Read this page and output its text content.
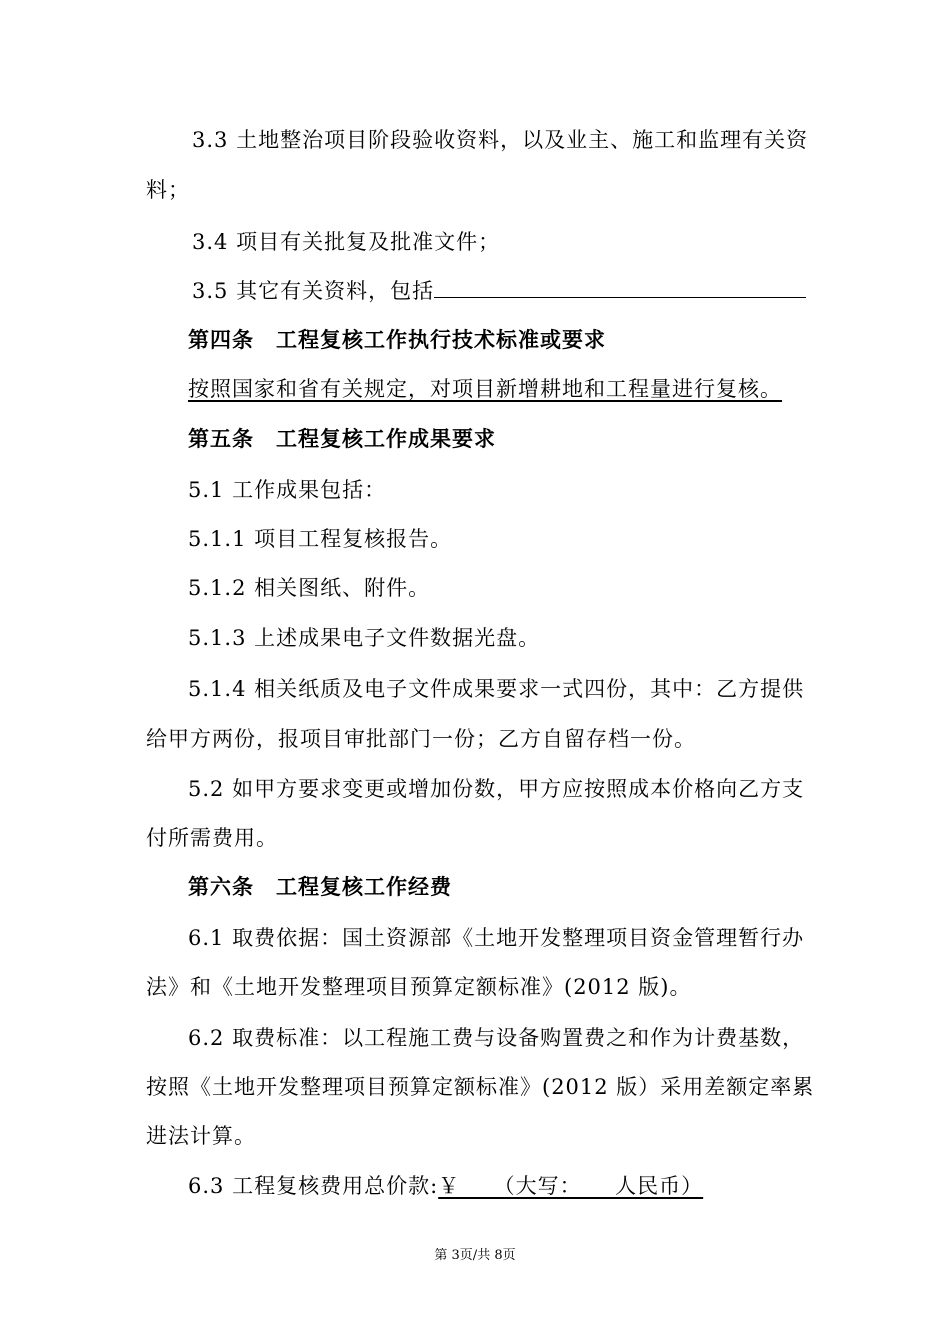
3.3 土地整治项目阶段验收资料，以及业主、施工和监理有关资
料；
3.4 项目有关批复及批准文件；
3.5 其它有关资料，包括
第四条　工程复核工作执行技术标准或要求
按照国家和省有关规定，对项目新增耕地和工程量进行复核。
第五条　工程复核工作成果要求
5.1 工作成果包括：
5.1.1 项目工程复核报告。
5.1.2 相关图纸、附件。
5.1.3 上述成果电子文件数据光盘。
5.1.4 相关纸质及电子文件成果要求一式四份，其中：乙方提供
给甲方两份，报项目审批部门一份；乙方自留存档一份。
5.2 如甲方要求变更或增加份数，甲方应按照成本价格向乙方支
付所需费用。
第六条　工程复核工作经费
6.1 取费依据：国土资源部《土地开发整理项目资金管理暂行办
法》和《土地开发整理项目预算定额标准》(2012 版)。
6.2 取费标准：以工程施工费与设备购置费之和作为计费基数，
按照《土地开发整理项目预算定额标准》(2012 版）采用差额定率累
进法计算。
6.3 工程复核费用总价款:￥　　（大写：　　人民币）
第 3页/共 8页
